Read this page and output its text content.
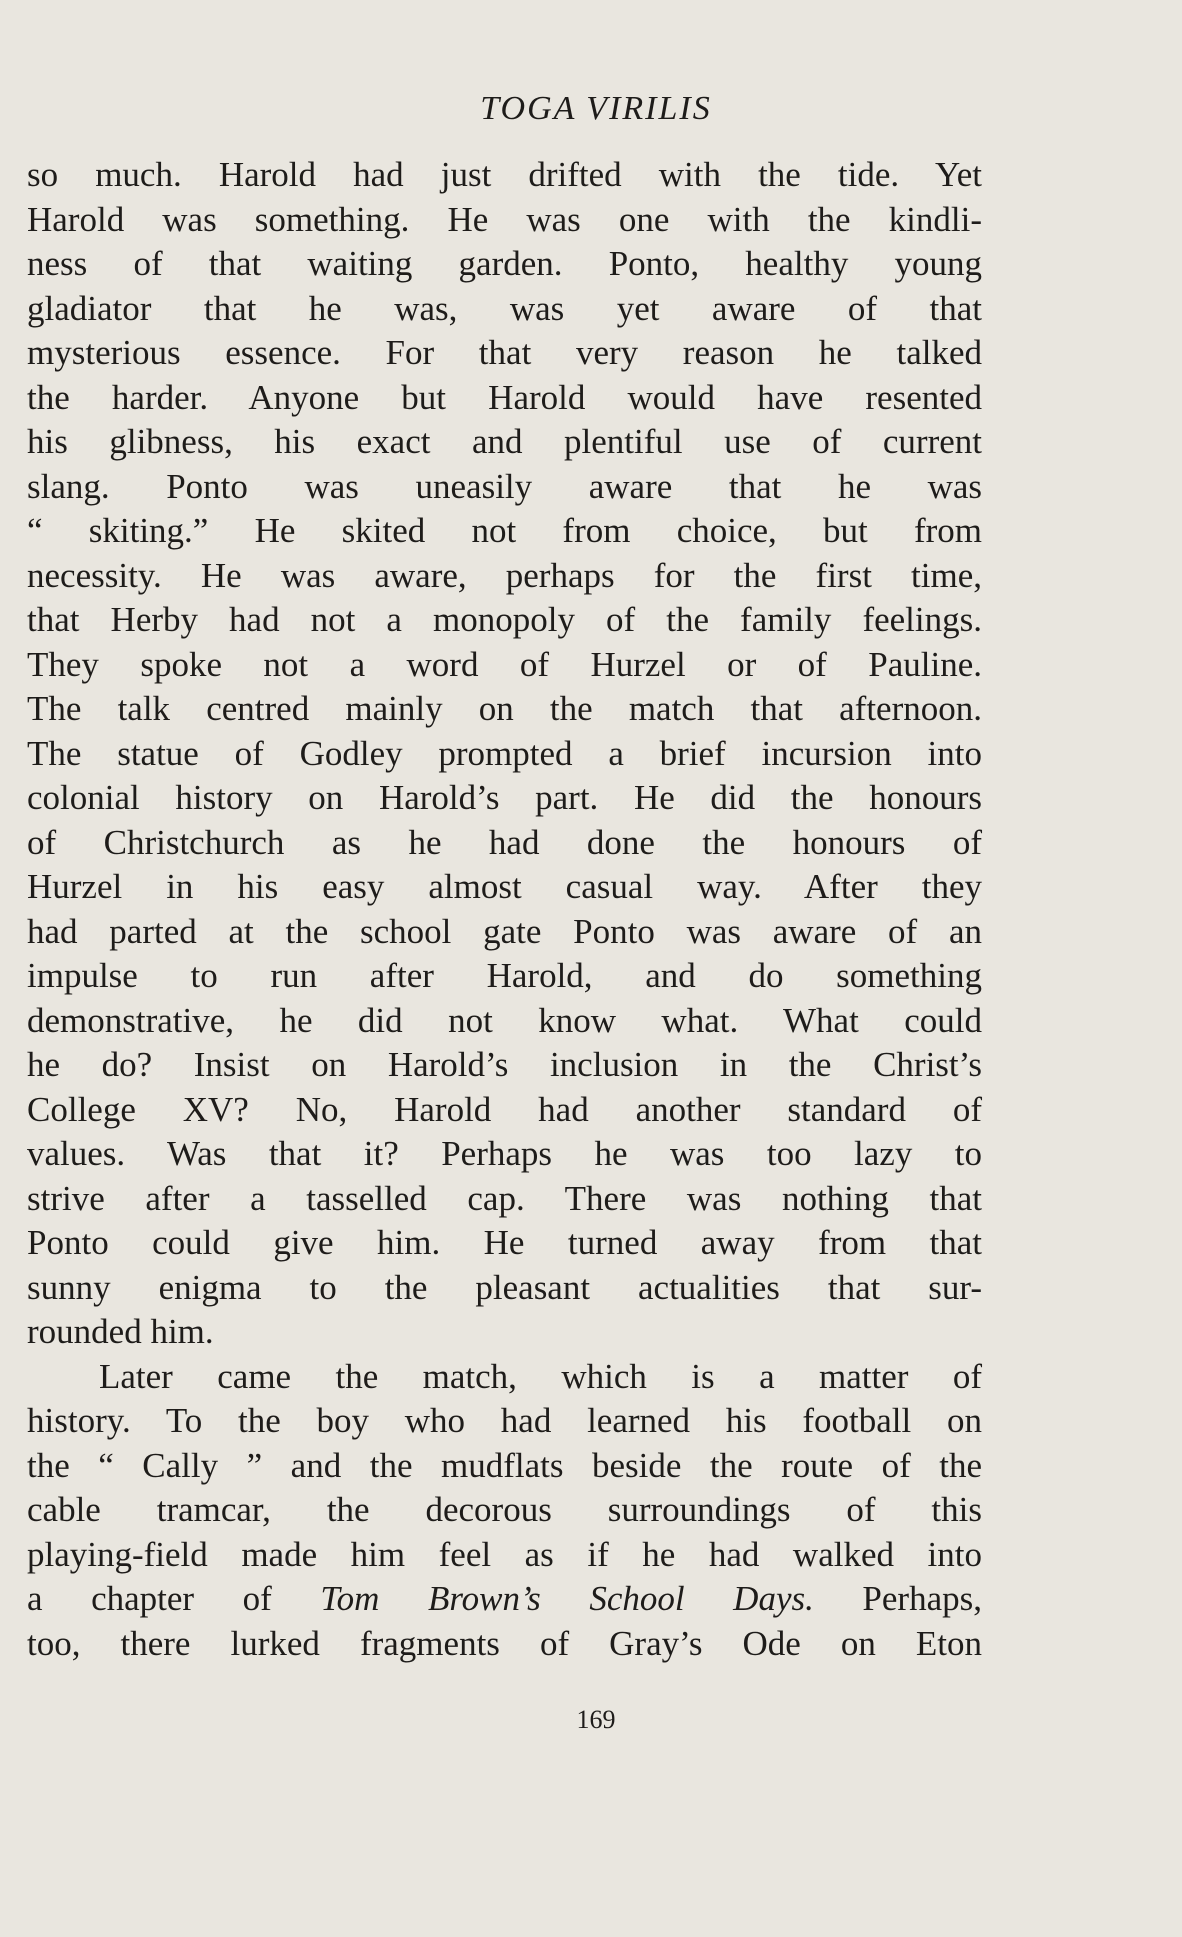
TOGA VIRILIS
so much. Harold had just drifted with the tide. Yet
Harold was something. He was one with the kindli-
ness of that waiting garden. Ponto, healthy young
gladiator that he was, was yet aware of that
mysterious essence. For that very reason he talked
the harder. Anyone but Harold would have resented
his glibness, his exact and plentiful use of current
slang. Ponto was uneasily aware that he was
“ skiting.” He skited not from choice, but from
necessity. He was aware, perhaps for the first time,
that Herby had not a monopoly of the family feelings.
They spoke not a word of Hurzel or of Pauline.
The talk centred mainly on the match that afternoon.
The statue of Godley prompted a brief incursion into
colonial history on Harold’s part. He did the honours
of Christchurch as he had done the honours of
Hurzel in his easy almost casual way. After they
had parted at the school gate Ponto was aware of an
impulse to run after Harold, and do something
demonstrative, he did not know what. What could
he do? Insist on Harold’s inclusion in the Christ’s
College XV? No, Harold had another standard of
values. Was that it? Perhaps he was too lazy to
strive after a tasselled cap. There was nothing that
Ponto could give him. He turned away from that
sunny enigma to the pleasant actualities that sur-
rounded him.
Later came the match, which is a matter of
history. To the boy who had learned his football on
the “ Cally ” and the mudflats beside the route of the
cable tramcar, the decorous surroundings of this
playing-field made him feel as if he had walked into
a chapter of Tom Brown’s School Days. Perhaps,
too, there lurked fragments of Gray’s Ode on Eton
169
